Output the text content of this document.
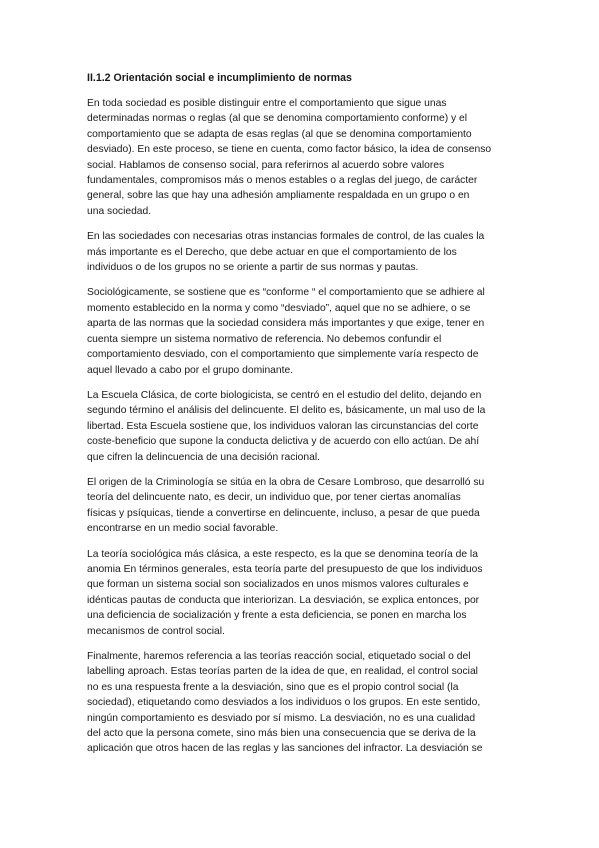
II.1.2 Orientación social e incumplimiento de normas
En toda sociedad es posible distinguir entre el comportamiento que sigue unas
determinadas normas o reglas (al que se denomina comportamiento conforme) y el
comportamiento que se adapta de esas reglas (al que se denomina comportamiento
desviado). En este proceso, se tiene en cuenta, como factor básico, la idea de consenso
social. Hablamos de consenso social, para referirnos al acuerdo sobre valores
fundamentales, compromisos más o menos estables o a reglas del juego, de carácter
general, sobre las que hay una adhesión ampliamente respaldada en un grupo o en
una sociedad.
En las sociedades con necesarias otras instancias formales de control, de las cuales la
más importante es el Derecho, que debe actuar en que el comportamiento de los
individuos o de los grupos no se oriente a partir de sus normas y pautas.
Sociológicamente, se sostiene que es “conforme “ el comportamiento que se adhiere al
momento establecido en la norma y como “desviado”, aquel que no se adhiere, o se
aparta de las normas que la sociedad considera más importantes y que exige, tener en
cuenta siempre un sistema normativo de referencia. No debemos confundir el
comportamiento desviado, con el comportamiento que simplemente varía respecto de
aquel llevado a cabo por el grupo dominante.
La Escuela Clásica, de corte biologicista, se centró en el estudio del delito, dejando en
segundo término el análisis del delincuente. El delito es, básicamente, un mal uso de la
libertad. Esta Escuela sostiene que, los individuos valoran las circunstancias del corte
coste-beneficio que supone la conducta delictiva y de acuerdo con ello actúan. De ahí
que cifren la delincuencia de una decisión racional.
El origen de la Criminología se sitúa en la obra de Cesare Lombroso, que desarrolló su
teoría del delincuente nato, es decir, un individuo que, por tener ciertas anomalías
físicas y psíquicas, tiende a convertirse en delincuente, incluso, a pesar de que pueda
encontrarse en un medio social favorable.
La teoría sociológica más clásica, a este respecto, es la que se denomina teoría de la
anomia En términos generales, esta teoría parte del presupuesto de que los individuos
que forman un sistema social son socializados en unos mismos valores culturales e
idénticas pautas de conducta que interiorizan. La desviación, se explica entonces, por
una deficiencia de socialización y frente a esta deficiencia, se ponen en marcha los
mecanismos de control social.
Finalmente, haremos referencia a las teorías reacción social, etiquetado social o del
labelling aproach. Estas teorías parten de la idea de que, en realidad, el control social
no es una respuesta frente a la desviación, sino que es el propio control social (la
sociedad), etiquetando como desviados a los individuos o los grupos. En este sentido,
ningún comportamiento es desviado por sí mismo. La desviación, no es una cualidad
del acto que la persona comete, sino más bien una consecuencia que se deriva de la
aplicación que otros hacen de las reglas y las sanciones del infractor. La desviación se
